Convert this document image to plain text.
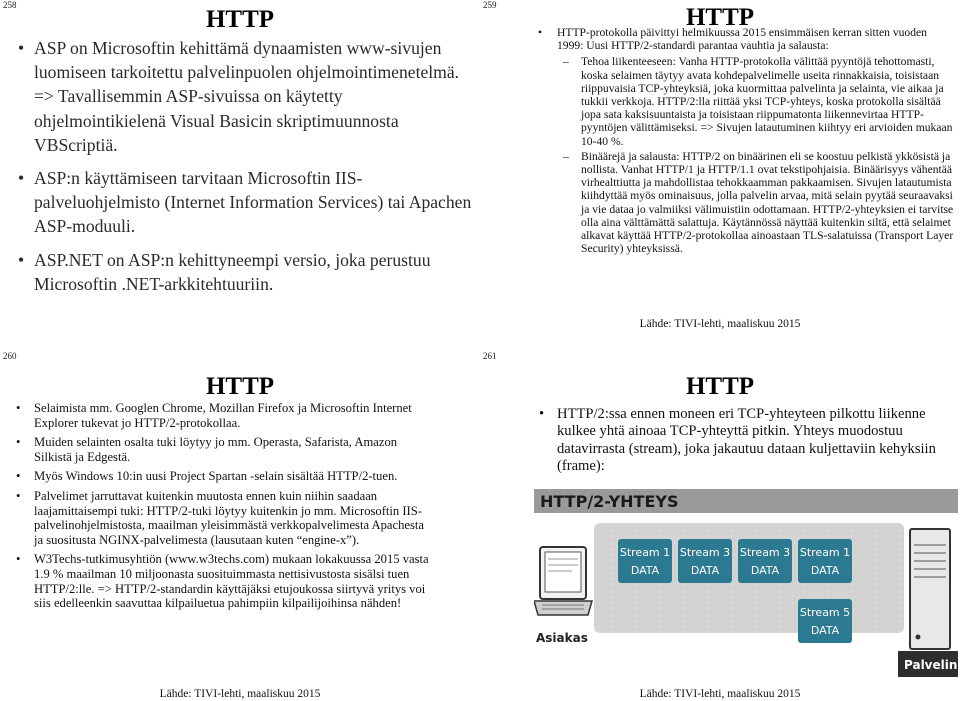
258
HTTP
• ASP on Microsoftin kehittämä dynaamisten www-sivujen luomiseen tarkoitettu palvelinpuolen ohjelmointimenetelmä. => Tavallisemmin ASP-sivuissa on käytetty ohjelmointikielenä Visual Basicin skriptimuunnosta VBScriptiä.
• ASP:n käyttämiseen tarvitaan Microsoftin IIS-palveluohjelmisto (Internet Information Services) tai Apachen ASP-moduuli.
• ASP.NET on ASP:n kehittyneempi versio, joka perustuu Microsoftin .NET-arkkitehtuuriin.
259	HTTP
• HTTP-protokolla päivittyi helmikuussa 2015 ensimmäisen kerran sitten vuoden 1999: Uusi HTTP/2-standardi parantaa vauhtia ja salausta:
– Tehoa liikenteeseen: Vanha HTTP-protokolla välittää pyyntöjä tehottomasti, koska selaimen täytyy avata kohdepalvelimelle useita rinnakkaisia, toisistaan riippuvaisia TCP-yhteyksiä, joka kuormittaa palvelinta ja selainta, vie aikaa ja tukkii verkkoja. HTTP/2:lla riittää yksi TCP-yhteys, koska protokolla sisältää jopa sata kaksisuuntaista ja toisistaan riippumatonta liikennevirtaa HTTP-pyyntöjen välittämiseksi. => Sivujen latautuminen kiihtyy eri arvioiden mukaan 10-40 %.
– Binäärejä ja salausta: HTTP/2 on binäärinen eli se koostuu pelkistä ykkösistä ja nollista. Vanhat HTTP/1 ja HTTP/1.1 ovat tekstipohjaisia. Binäärisyys vähentää virhealttiutta ja mahdollistaa tehokkaamman pakkaamisen. Sivujen latautumista kiihdyttää myös ominaisuus, jolla palvelin arvaa, mitä selain pyytää seuraavaksi ja vie dataa jo valmiiksi välimuistiin odottamaan. HTTP/2-yhteyksien ei tarvitse olla aina välttämättä salattuja. Käytännössä näyttää kuitenkin siltä, että selaimet alkavat käyttää HTTP/2-protokollaa ainoastaan TLS-salatuissa (Transport Layer Security) yhteyksissä.
Lähde: TIVI-lehti, maaliskuu 2015
260
HTTP
• Selaimista mm. Googlen Chrome, Mozillan Firefox ja Microsoftin Internet Explorer tukevat jo HTTP/2-protokollaa.
• Muiden selainten osalta tuki löytyy jo mm. Operasta, Safarista, Amazon Silkistä ja Edgestä.
• Myös Windows 10:in uusi Project Spartan -selain sisältää HTTP/2-tuen.
• Palvelimet jarruttavat kuitenkin muutosta ennen kuin niihin saadaan laajamittaisempi tuki: HTTP/2-tuki löytyy kuitenkin jo mm. Microsoftin IIS-palvelinohjelmistosta, maailman yleisimmästä verkkopalvelimesta Apachesta ja suositusta NGINX-palvelimesta (lausutaan kuten “engine-x”).
• W3Techs-tutkimusyhtiön (www.w3techs.com) mukaan lokakuussa 2015 vasta 1.9 % maailman 10 miljoonasta suosituimmasta nettisivustosta sisälsi tuen HTTP/2:lle. => HTTP/2-standardin käyttäjäksi etujoukossa siirtyvä yritys voi siis edelleenkin saavuttaa kilpailuetua pahimpiin kilpailijoihinsa nähden!
Lähde: TIVI-lehti, maaliskuu 2015
261
HTTP
• HTTP/2:ssa ennen moneen eri TCP-yhteyteen pilkottu liikenne kulkee yhtä ainoaa TCP-yhteyttä pitkin. Yhteys muodostuu datavirrasta (stream), joka jakautuu dataan kuljettaviin kehyksiin (frame):
HTTP/2-YHTEYS
Asiakas
Palvelin
Stream 1
DATA
Stream 3
DATA
Stream 3
DATA
Stream 1
DATA
Stream 5
DATA
Lähde: TIVI-lehti, maaliskuu 2015
